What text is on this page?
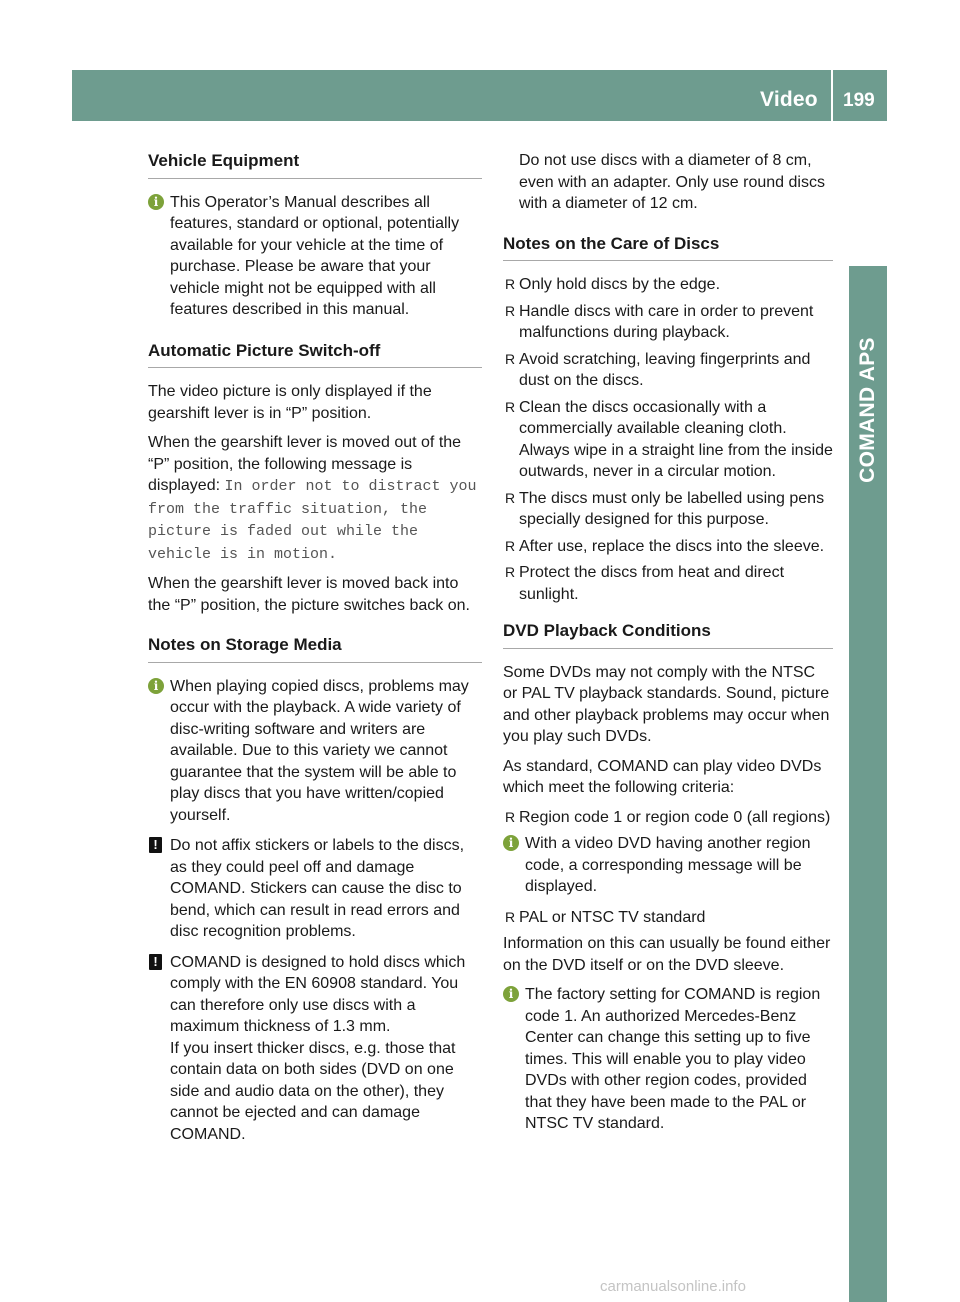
Video 199
COMAND APS
Vehicle Equipment
i This Operator’s Manual describes all features, standard or optional, potentially available for your vehicle at the time of purchase. Please be aware that your vehicle might not be equipped with all features described in this manual.
Automatic Picture Switch-off

The video picture is only displayed if the gearshift lever is in “P” position.

When the gearshift lever is moved out of the “P” position, the following message is displayed: In order not to distract you from the traffic situation, the picture is faded out while the vehicle is in motion.

When the gearshift lever is moved back into the “P” position, the picture switches back on.

Notes on Storage Media
i When playing copied discs, problems may occur with the playback. A wide variety of disc-writing software and writers are available. Due to this variety we cannot guarantee that the system will be able to play discs that you have written/copied yourself.
! Do not affix stickers or labels to the discs, as they could peel off and damage COMAND. Stickers can cause the disc to bend, which can result in read errors and disc recognition problems.
! COMAND is designed to hold discs which comply with the EN 60908 standard. You can therefore only use discs with a maximum thickness of 1.3 mm.
If you insert thicker discs, e.g. those that contain data on both sides (DVD on one side and audio data on the other), they cannot be ejected and can damage COMAND.

Do not use discs with a diameter of 8 cm, even with an adapter. Only use round discs with a diameter of 12 cm.

Notes on the Care of Discs
R Only hold discs by the edge.
R Handle discs with care in order to prevent malfunctions during playback.
R Avoid scratching, leaving fingerprints and dust on the discs.
R Clean the discs occasionally with a commercially available cleaning cloth. Always wipe in a straight line from the inside outwards, never in a circular motion.
R The discs must only be labelled using pens specially designed for this purpose.
R After use, replace the discs into the sleeve.
R Protect the discs from heat and direct sunlight.
DVD Playback Conditions

Some DVDs may not comply with the NTSC or PAL TV playback standards. Sound, picture and other playback problems may occur when you play such DVDs.

As standard, COMAND can play video DVDs which meet the following criteria:

R Region code 1 or region code 0 (all regions)
i With a video DVD having another region code, a corresponding message will be displayed.
R PAL or NTSC TV standard

Information on this can usually be found either on the DVD itself or on the DVD sleeve.

i The factory setting for COMAND is region code 1. An authorized Mercedes-Benz Center can change this setting up to five times. This will enable you to play video DVDs with other region codes, provided that they have been made to the PAL or NTSC TV standard.
carmanualsonline.info
